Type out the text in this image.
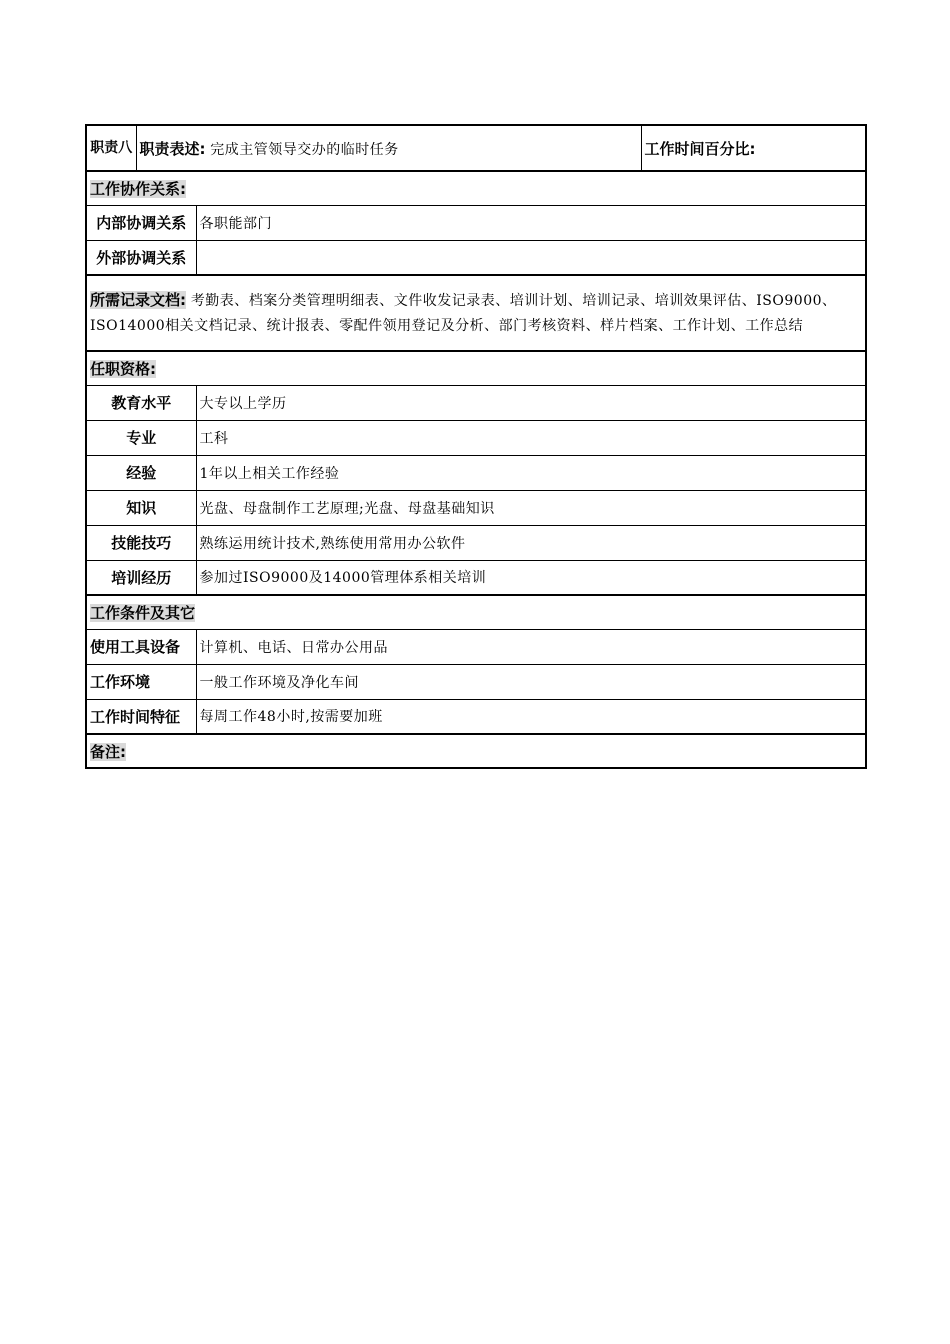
职责八	职责表述: 完成主管领导交办的临时任务		工作时间百分比:
工作协作关系:			
内部协调关系		各职能部门	
外部协调关系			
所需记录文档: 考勤表、档案分类管理明细表、文件收发记录表、培训计划、培训记录、培训效果评估、ISO9000、ISO14000相关文档记录、统计报表、零配件领用登记及分析、部门考核资料、样片档案、工作计划、工作总结			
任职资格:			
教育水平		大专以上学历	
专业		工科	
经验		1年以上相关工作经验	
知识		光盘、母盘制作工艺原理;光盘、母盘基础知识	
技能技巧		熟练运用统计技术,熟练使用常用办公软件	
培训经历		参加过ISO9000及14000管理体系相关培训	
工作条件及其它			
使用工具设备		计算机、电话、日常办公用品	
工作环境		一般工作环境及净化车间	
工作时间特征		每周工作48小时,按需要加班	
备注:			
